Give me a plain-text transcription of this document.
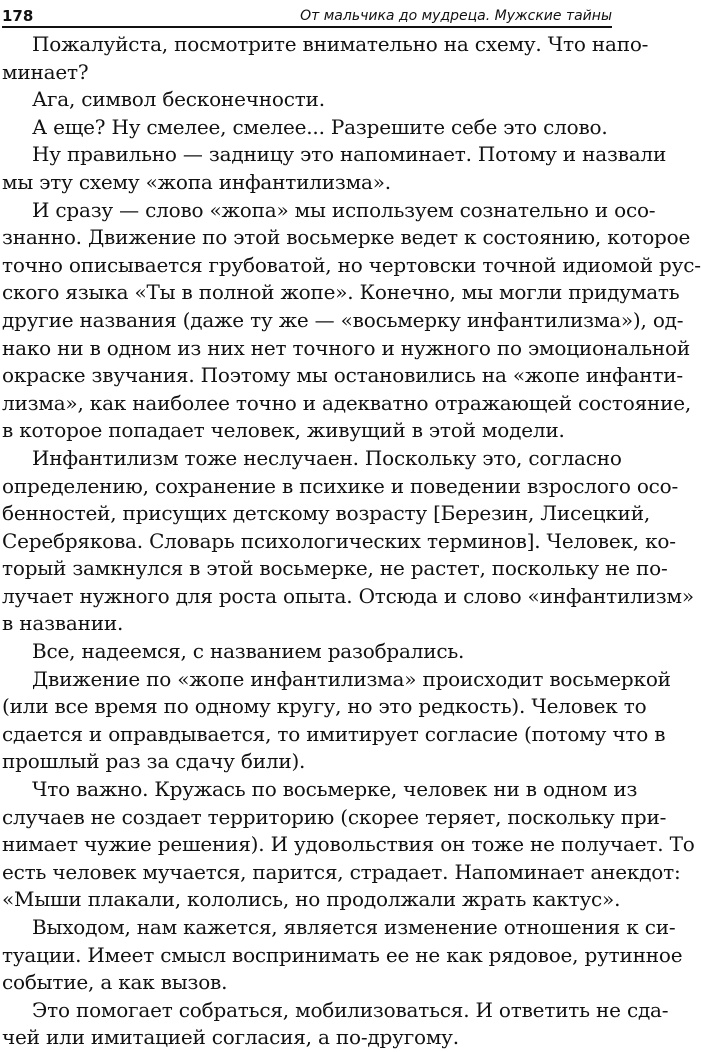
178	От мальчика до мудреца. Мужские тайны
Пожалуйста, посмотрите внимательно на схему. Что напо-
минает?
Ага, символ бесконечности.
А еще? Ну смелее, смелее... Разрешите себе это слово.
Ну правильно — задницу это напоминает. Потому и назвали
мы эту схему «жопа инфантилизма».
И сразу — слово «жопа» мы используем сознательно и осо-
знанно. Движение по этой восьмерке ведет к состоянию, которое
точно описывается грубоватой, но чертовски точной идиомой рус-
ского языка «Ты в полной жопе». Конечно, мы могли придумать
другие названия (даже ту же — «восьмерку инфантилизма»), од-
нако ни в одном из них нет точного и нужного по эмоциональной
окраске звучания. Поэтому мы остановились на «жопе инфанти-
лизма», как наиболее точно и адекватно отражающей состояние,
в которое попадает человек, живущий в этой модели.
Инфантилизм тоже неслучаен. Поскольку это, согласно
определению, сохранение в психике и поведении взрослого осо-
бенностей, присущих детскому возрасту [Березин, Лисецкий,
Серебрякова. Словарь психологических терминов]. Человек, ко-
торый замкнулся в этой восьмерке, не растет, поскольку не по-
лучает нужного для роста опыта. Отсюда и слово «инфантилизм»
в названии.
Все, надеемся, с названием разобрались.
Движение по «жопе инфантилизма» происходит восьмеркой
(или все время по одному кругу, но это редкость). Человек то
сдается и оправдывается, то имитирует согласие (потому что в
прошлый раз за сдачу били).
Что важно. Кружась по восьмерке, человек ни в одном из
случаев не создает территорию (скорее теряет, поскольку при-
нимает чужие решения). И удовольствия он тоже не получает. То
есть человек мучается, парится, страдает. Напоминает анекдот:
«Мыши плакали, кололись, но продолжали жрать кактус».
Выходом, нам кажется, является изменение отношения к си-
туации. Имеет смысл воспринимать ее не как рядовое, рутинное
событие, а как вызов.
Это помогает собраться, мобилизоваться. И ответить не сда-
чей или имитацией согласия, а по-другому.
